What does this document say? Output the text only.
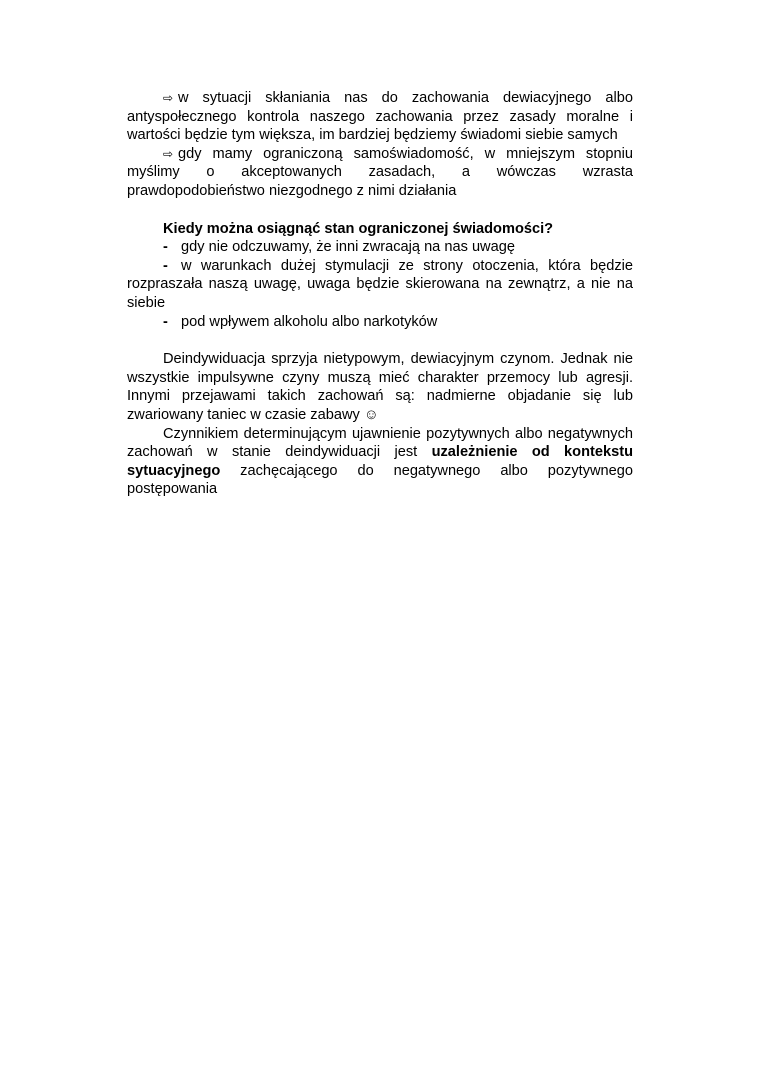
⇨ w sytuacji skłaniania nas do zachowania dewiacyjnego albo antyspołecznego kontrola naszego zachowania przez zasady moralne i wartości będzie tym większa, im bardziej będziemy świadomi siebie samych

⇨ gdy mamy ograniczoną samoświadomość, w mniejszym stopniu myślimy o akceptowanych zasadach, a wówczas wzrasta prawdopodobieństwo niezgodnego z nimi działania

Kiedy można osiągnąć stan ograniczonej świadomości?

- gdy nie odczuwamy, że inni zwracają na nas uwagę

- w warunkach dużej stymulacji ze strony otoczenia, która będzie rozpraszała naszą uwagę, uwaga będzie skierowana na zewnątrz, a nie na siebie

- pod wpływem alkoholu albo narkotyków

Deindywiduacja sprzyja nietypowym, dewiacyjnym czynom. Jednak nie wszystkie impulsywne czyny muszą mieć charakter przemocy lub agresji. Innymi przejawami takich zachowań są: nadmierne objadanie się lub zwariowany taniec w czasie zabawy ☺

Czynnikiem determinującym ujawnienie pozytywnych albo negatywnych zachowań w stanie deindywiduacji jest uzależnienie od kontekstu sytuacyjnego zachęcającego do negatywnego albo pozytywnego postępowania
